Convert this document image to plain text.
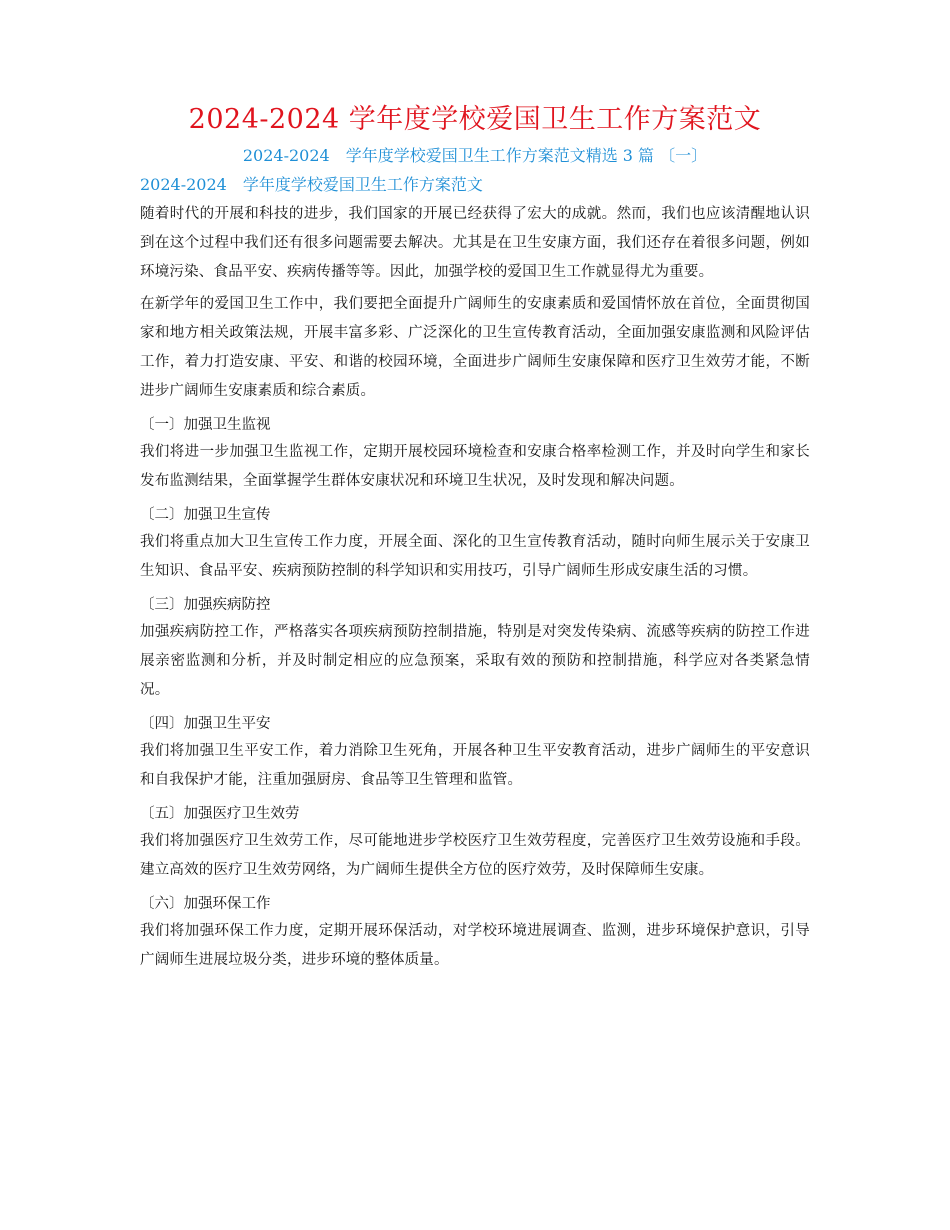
2024-2024 学年度学校爱国卫生工作方案范文
2024-2024　学年度学校爱国卫生工作方案范文精选 3 篇 〔一〕
2024-2024　学年度学校爱国卫生工作方案范文

随着时代的开展和科技的进步，我们国家的开展已经获得了宏大的成就。然而，我们也应该清醒地认识到在这个过程中我们还有很多问题需要去解决。尤其是在卫生安康方面，我们还存在着很多问题，例如环境污染、食品平安、疾病传播等等。因此，加强学校的爱国卫生工作就显得尤为重要。

在新学年的爱国卫生工作中，我们要把全面提升广阔师生的安康素质和爱国情怀放在首位，全面贯彻国家和地方相关政策法规，开展丰富多彩、广泛深化的卫生宣传教育活动，全面加强安康监测和风险评估工作，着力打造安康、平安、和谐的校园环境，全面进步广阔师生安康保障和医疗卫生效劳才能，不断进步广阔师生安康素质和综合素质。

〔一〕加强卫生监视

我们将进一步加强卫生监视工作，定期开展校园环境检查和安康合格率检测工作，并及时向学生和家长发布监测结果，全面掌握学生群体安康状况和环境卫生状况，及时发现和解决问题。

〔二〕加强卫生宣传

我们将重点加大卫生宣传工作力度，开展全面、深化的卫生宣传教育活动，随时向师生展示关于安康卫生知识、食品平安、疾病预防控制的科学知识和实用技巧，引导广阔师生形成安康生活的习惯。

〔三〕加强疾病防控

加强疾病防控工作，严格落实各项疾病预防控制措施，特别是对突发传染病、流感等疾病的防控工作进展亲密监测和分析，并及时制定相应的应急预案，采取有效的预防和控制措施，科学应对各类紧急情况。

〔四〕加强卫生平安

我们将加强卫生平安工作，着力消除卫生死角，开展各种卫生平安教育活动，进步广阔师生的平安意识和自我保护才能，注重加强厨房、食品等卫生管理和监管。

〔五〕加强医疗卫生效劳

我们将加强医疗卫生效劳工作，尽可能地进步学校医疗卫生效劳程度，完善医疗卫生效劳设施和手段。建立高效的医疗卫生效劳网络，为广阔师生提供全方位的医疗效劳，及时保障师生安康。

〔六〕加强环保工作

我们将加强环保工作力度，定期开展环保活动，对学校环境进展调查、监测，进步环境保护意识，引导广阔师生进展垃圾分类，进步环境的整体质量。
